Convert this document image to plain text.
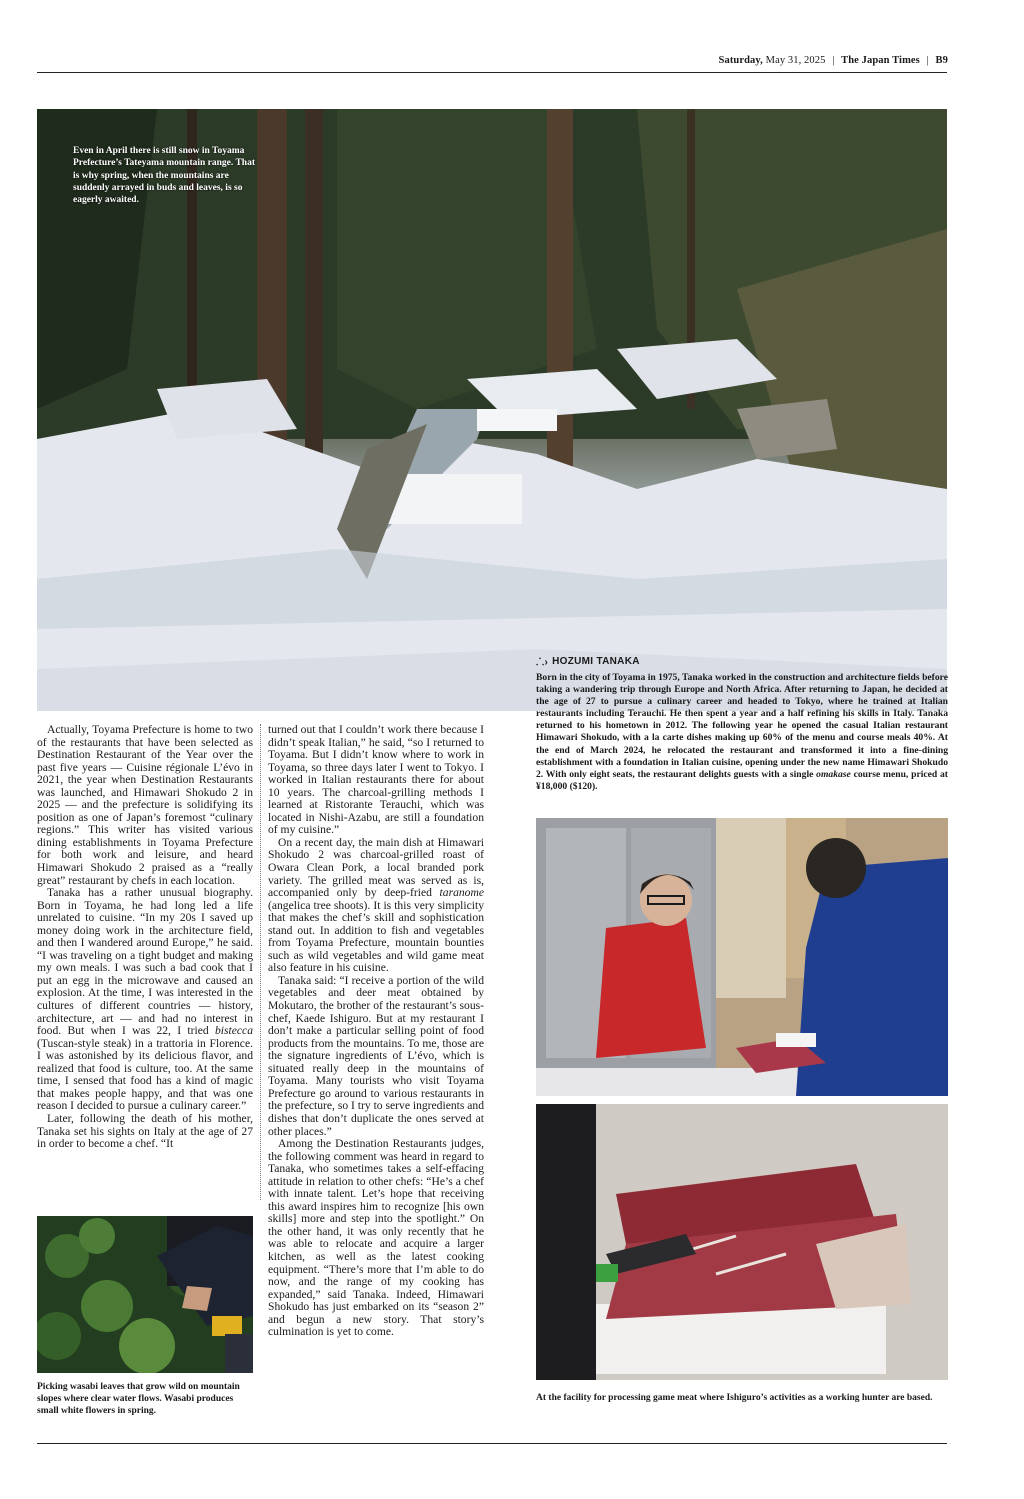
Saturday, May 31, 2025 | The Japan Times | B9
Even in April there is still snow in Toyama Prefecture’s Tateyama mountain range. That is why spring, when the mountains are suddenly arrayed in buds and leaves, is so eagerly awaited.
⸫› HOZUMI TANAKA
Born in the city of Toyama in 1975, Tanaka worked in the construction and architecture fields before taking a wandering trip through Europe and North Africa. After returning to Japan, he decided at the age of 27 to pursue a culinary career and headed to Tokyo, where he trained at Italian restaurants including Terauchi. He then spent a year and a half refining his skills in Italy. Tanaka returned to his hometown in 2012. The following year he opened the casual Italian restaurant Himawari Shokudo, with a la carte dishes making up 60% of the menu and course meals 40%. At the end of March 2024, he relocated the restaurant and transformed it into a fine-dining establishment with a foundation in Italian cuisine, opening under the new name Himawari Shokudo 2. With only eight seats, the restaurant delights guests with a single omakase course menu, priced at ¥18,000 ($120).

Actually, Toyama Prefecture is home to two of the restaurants that have been selected as Destination Restaurant of the Year over the past five years — Cuisine régionale L’évo in 2021, the year when Destination Restaurants was launched, and Himawari Shokudo 2 in 2025 — and the prefecture is solidifying its position as one of Japan’s foremost “culinary regions.” This writer has visited various dining establishments in Toyama Prefecture for both work and leisure, and heard Himawari Shokudo 2 praised as a “really great” restaurant by chefs in each location.

Tanaka has a rather unusual biography. Born in Toyama, he had long led a life unrelated to cuisine. “In my 20s I saved up money doing work in the architecture field, and then I wandered around Europe,” he said. “I was traveling on a tight budget and making my own meals. I was such a bad cook that I put an egg in the microwave and caused an explosion. At the time, I was interested in the cultures of different countries — history, architecture, art — and had no interest in food. But when I was 22, I tried bistecca (Tuscan-style steak) in a trattoria in Florence. I was astonished by its delicious flavor, and realized that food is culture, too. At the same time, I sensed that food has a kind of magic that makes people happy, and that was one reason I decided to pursue a culinary career.”

Later, following the death of his mother, Tanaka set his sights on Italy at the age of 27 in order to become a chef. “It

turned out that I couldn’t work there because I didn’t speak Italian,” he said, “so I returned to Toyama. But I didn’t know where to work in Toyama, so three days later I went to Tokyo. I worked in Italian restaurants there for about 10 years. The charcoal-grilling methods I learned at Ristorante Terauchi, which was located in Nishi-Azabu, are still a foundation of my cuisine.”

On a recent day, the main dish at Himawari Shokudo 2 was charcoal-grilled roast of Owara Clean Pork, a local branded pork variety. The grilled meat was served as is, accompanied only by deep-fried taranome (angelica tree shoots). It is this very simplicity that makes the chef’s skill and sophistication stand out. In addition to fish and vegetables from Toyama Prefecture, mountain bounties such as wild vegetables and wild game meat also feature in his cuisine.

Tanaka said: “I receive a portion of the wild vegetables and deer meat obtained by Mokutaro, the brother of the restaurant’s sous-chef, Kaede Ishiguro. But at my restaurant I don’t make a particular selling point of food products from the mountains. To me, those are the signature ingredients of L’évo, which is situated really deep in the mountains of Toyama. Many tourists who visit Toyama Prefecture go around to various restaurants in the prefecture, so I try to serve ingredients and dishes that don’t duplicate the ones served at other places.”

Among the Destination Restaurants judges, the following comment was heard in regard to Tanaka, who sometimes takes a self-effacing attitude in relation to other chefs: “He’s a chef with innate talent. Let’s hope that receiving this award inspires him to recognize [his own skills] more and step into the spotlight.” On the other hand, it was only recently that he was able to relocate and acquire a larger kitchen, as well as the latest cooking equipment. “There’s more that I’m able to do now, and the range of my cooking has expanded,” said Tanaka. Indeed, Himawari Shokudo has just embarked on its “season 2” and begun a new story. That story’s culmination is yet to come.

Picking wasabi leaves that grow wild on mountain slopes where clear water flows. Wasabi produces small white flowers in spring.
At the facility for processing game meat where Ishiguro’s activities as a working hunter are based.
